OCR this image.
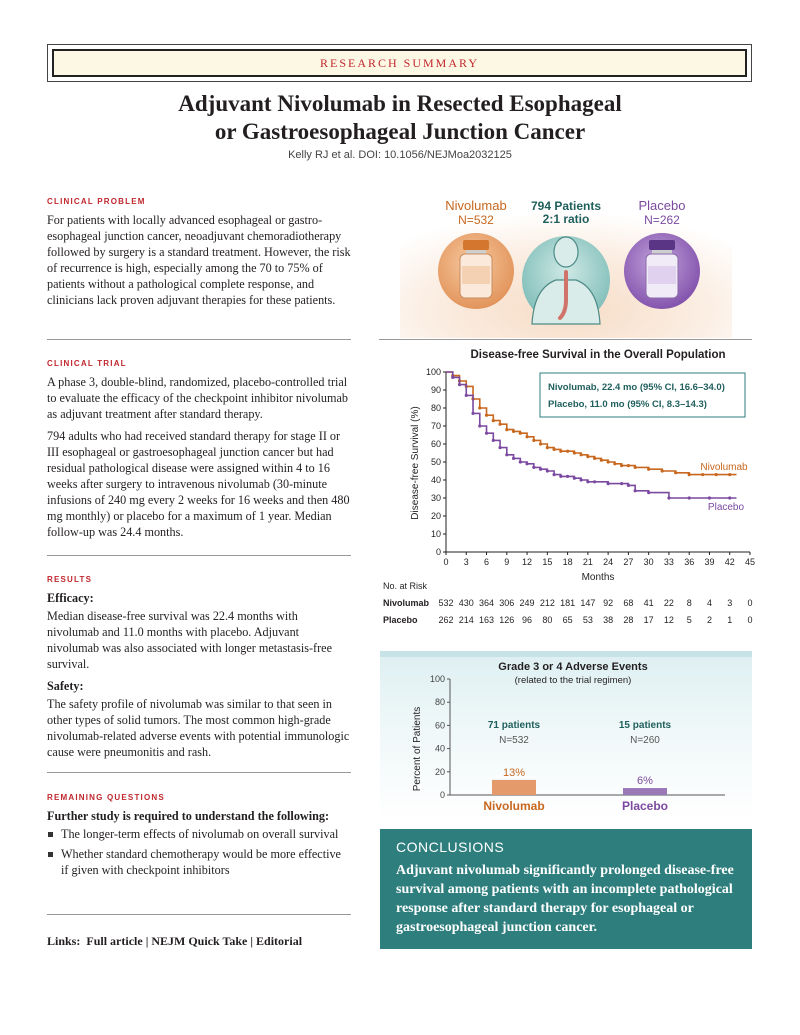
RESEARCH SUMMARY
Adjuvant Nivolumab in Resected Esophageal
or Gastroesophageal Junction Cancer
Kelly RJ et al. DOI: 10.1056/NEJMoa2032125
CLINICAL PROBLEM

For patients with locally advanced esophageal or gastroesophageal junction cancer, neoadjuvant chemoradiotherapy followed by surgery is a standard treatment. However, the risk of recurrence is high, especially among the 70 to 75% of patients without a pathological complete response, and clinicians lack proven adjuvant therapies for these patients.

CLINICAL TRIAL

A phase 3, double-blind, randomized, placebo-controlled trial to evaluate the efficacy of the checkpoint inhibitor nivolumab as adjuvant treatment after standard therapy.

794 adults who had received standard therapy for stage II or III esophageal or gastroesophageal junction cancer but had residual pathological disease were assigned within 4 to 16 weeks after surgery to intravenous nivolumab (30-minute infusions of 240 mg every 2 weeks for 16 weeks and then 480 mg monthly) or placebo for a maximum of 1 year. Median follow-up was 24.4 months.

RESULTS

Efficacy:

Median disease-free survival was 22.4 months with nivolumab and 11.0 months with placebo. Adjuvant nivolumab was also associated with longer metastasis-free survival.

Safety:

The safety profile of nivolumab was similar to that seen in other types of solid tumors. The most common high-grade nivolumab-related adverse events with potential immunologic cause were pneumonitis and rash.

REMAINING QUESTIONS

Further study is required to understand the following:

The longer-term effects of nivolumab on overall survival
Whether standard chemotherapy would be more effective if given with checkpoint inhibitors
Links: Full article | NEJM Quick Take | Editorial
Nivolumab
N=532
794 Patients
2:1 ratio
Placebo
N=262
Disease-free Survival in the Overall Population
Disease-free Survival (%)
Months
0
10
20
30
40
50
60
70
80
90
100
0 3 6 9 12 15 18 21 24 27 30 33 36 39 42 45
Nivolumab, 22.4 mo (95% CI, 16.6–34.0)
Placebo, 11.0 mo (95% CI, 8.3–14.3)
Nivolumab
Placebo
No. at Risk
Nivolumab
Placebo
532 430 364 306 249 212 181 147 92 68 41 22 8 4 3 0
262 214 163 126 96 80 65 53 38 28 17 12 5 2 1 0
Grade 3 or 4 Adverse Events
(related to the trial regimen)
Percent of Patients
0
20
40
60
80
100
71 patients
N=532
13%
Nivolumab
15 patients
N=260
6%
Placebo
CONCLUSIONS
Adjuvant nivolumab significantly prolonged disease-free survival among patients with an incomplete pathological response after standard therapy for esophageal or gastroesophageal junction cancer.
